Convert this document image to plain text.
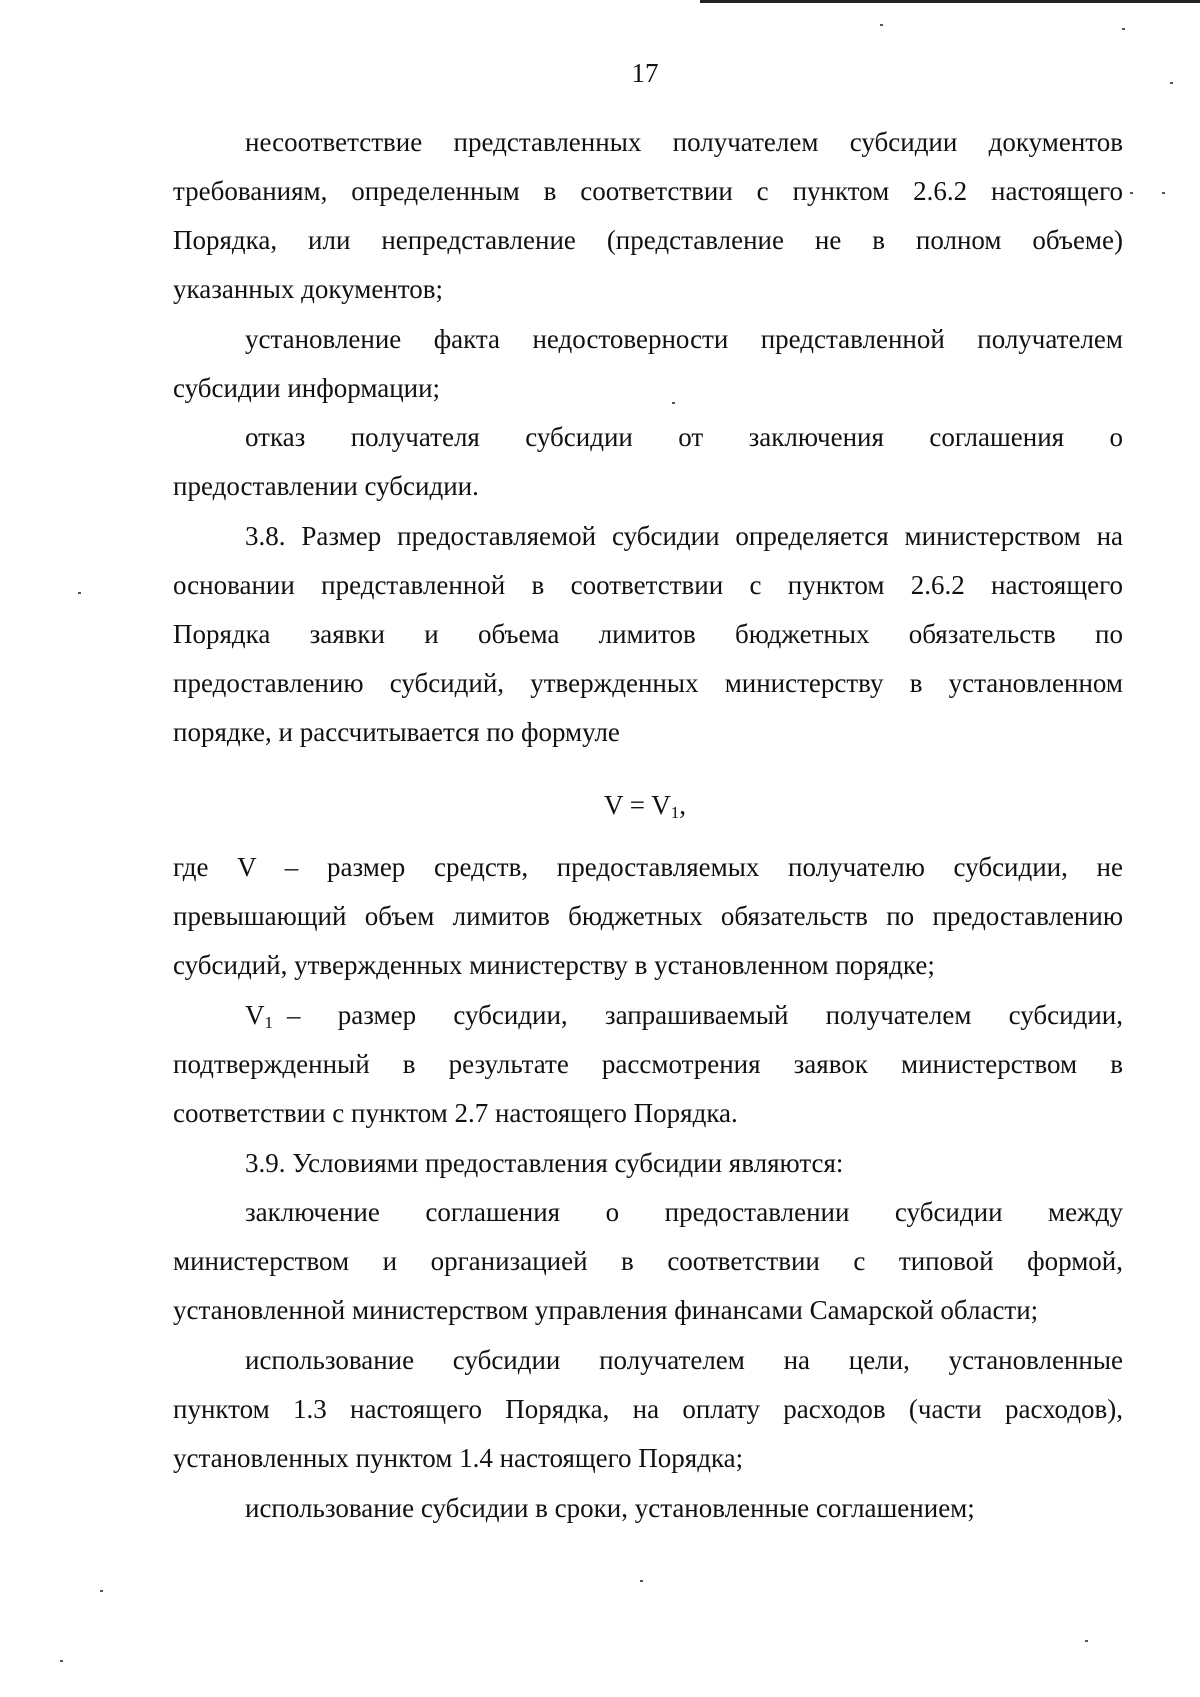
17
несоответствие представленных получателем субсидии документов
требованиям, определенным в соответствии с пунктом 2.6.2 настоящего
Порядка, или непредставление (представление не в полном объеме)
указанных документов;
установление факта недостоверности представленной получателем
субсидии информации;
отказ получателя субсидии от заключения соглашения о
предоставлении субсидии.
3.8. Размер предоставляемой субсидии определяется министерством на
основании представленной в соответствии с пунктом 2.6.2 настоящего
Порядка заявки и объема лимитов бюджетных обязательств по
предоставлению субсидий, утвержденных министерству в установленном
порядке, и рассчитывается по формуле
$V = V_1$,
где V – размер средств, предоставляемых получателю субсидии, не
превышающий объем лимитов бюджетных обязательств по предоставлению
субсидий, утвержденных министерству в установленном порядке;
$V_1$ – размер субсидии, запрашиваемый получателем субсидии,
подтвержденный в результате рассмотрения заявок министерством в
соответствии с пунктом 2.7 настоящего Порядка.
3.9. Условиями предоставления субсидии являются:
заключение соглашения о предоставлении субсидии между
министерством и организацией в соответствии с типовой формой,
установленной министерством управления финансами Самарской области;
использование субсидии получателем на цели, установленные
пунктом 1.3 настоящего Порядка, на оплату расходов (части расходов),
установленных пунктом 1.4 настоящего Порядка;
использование субсидии в сроки, установленные соглашением;
